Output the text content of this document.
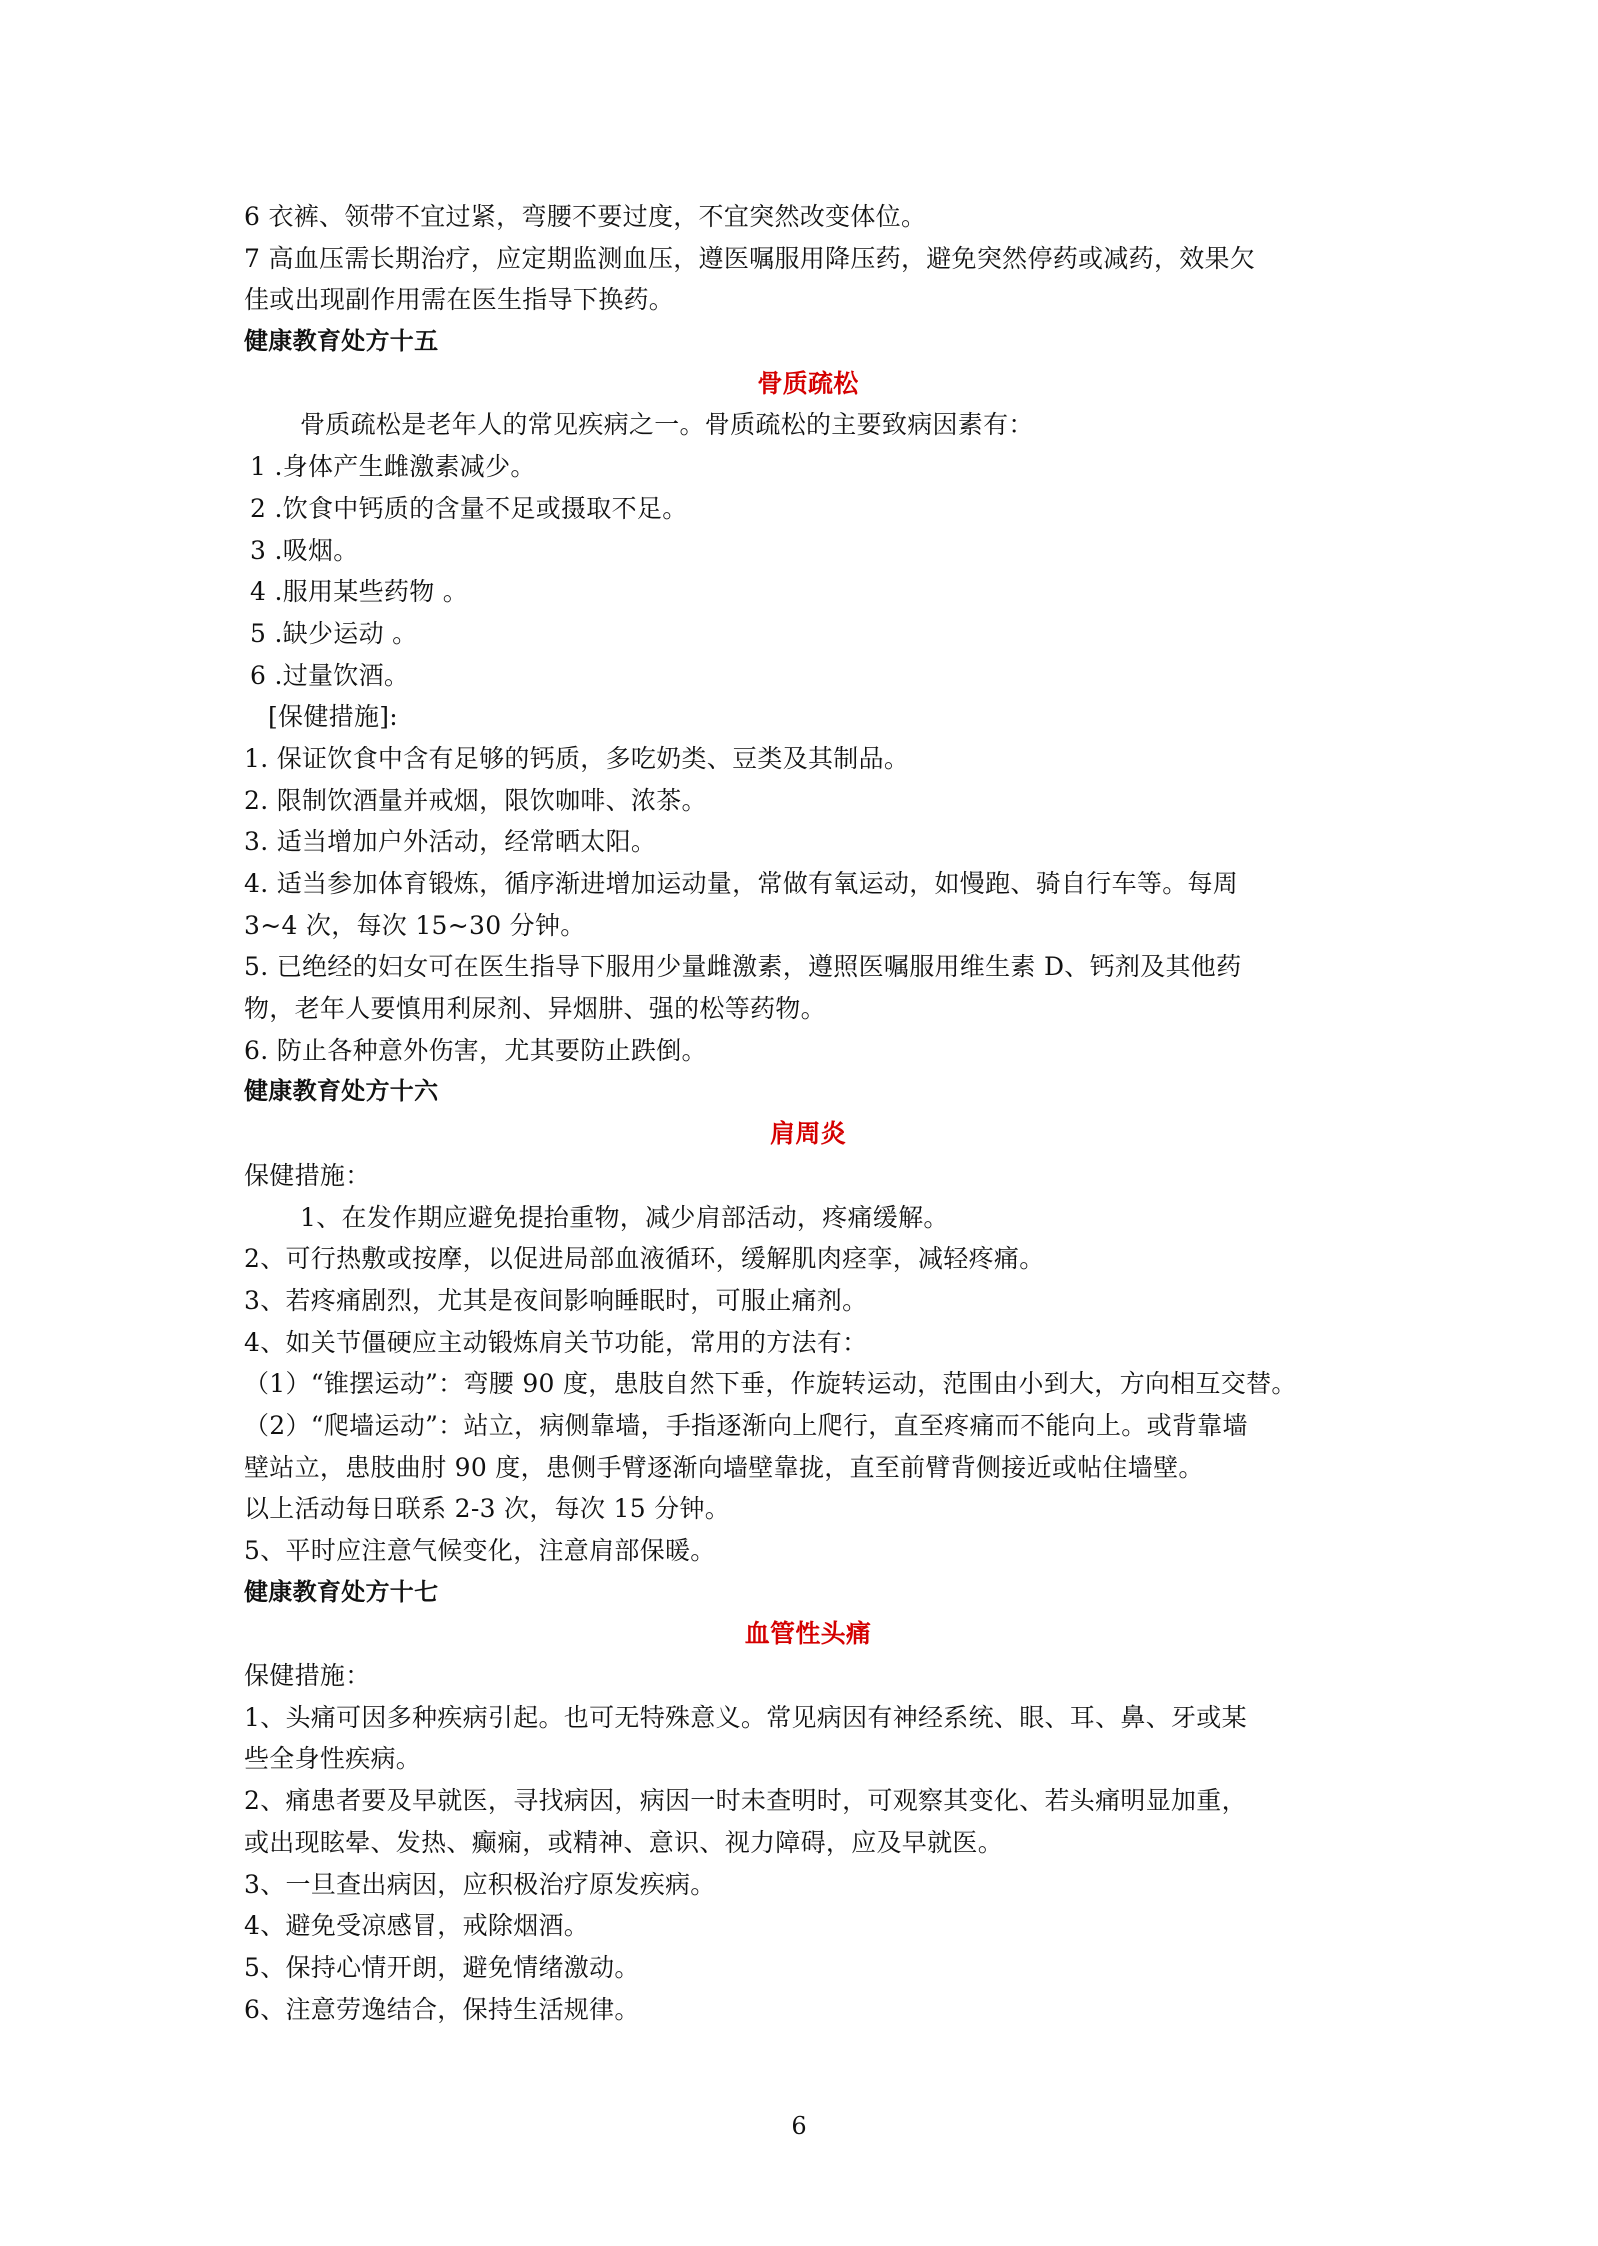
6 衣裤、领带不宜过紧，弯腰不要过度，不宜突然改变体位。
7 高血压需长期治疗，应定期监测血压，遵医嘱服用降压药，避免突然停药或减药，效果欠
佳或出现副作用需在医生指导下换药。
健康教育处方十五
骨质疏松
骨质疏松是老年人的常见疾病之一。骨质疏松的主要致病因素有：
1 .身体产生雌激素减少。
2 .饮食中钙质的含量不足或摄取不足。
3 .吸烟。
4 .服用某些药物 。
5 .缺少运动 。
6 .过量饮酒。
[保健措施]:
1. 保证饮食中含有足够的钙质，多吃奶类、豆类及其制品。
2. 限制饮酒量并戒烟，限饮咖啡、浓茶。
3. 适当增加户外活动，经常晒太阳。
4. 适当参加体育锻炼，循序渐进增加运动量，常做有氧运动，如慢跑、骑自行车等。每周
3~4 次，每次 15~30 分钟。
5. 已绝经的妇女可在医生指导下服用少量雌激素，遵照医嘱服用维生素 D、钙剂及其他药
物，老年人要慎用利尿剂、异烟肼、强的松等药物。
6. 防止各种意外伤害，尤其要防止跌倒。
健康教育处方十六
肩周炎
保健措施：
1、在发作期应避免提抬重物，减少肩部活动，疼痛缓解。
2、可行热敷或按摩，以促进局部血液循环，缓解肌肉痉挛，减轻疼痛。
3、若疼痛剧烈，尤其是夜间影响睡眠时，可服止痛剂。
4、如关节僵硬应主动锻炼肩关节功能，常用的方法有：
（1）“锥摆运动”：弯腰 90 度，患肢自然下垂，作旋转运动，范围由小到大，方向相互交替。
（2）“爬墙运动”：站立，病侧靠墙，手指逐渐向上爬行，直至疼痛而不能向上。或背靠墙
壁站立，患肢曲肘 90 度，患侧手臂逐渐向墙壁靠拢，直至前臂背侧接近或帖住墙壁。
以上活动每日联系 2-3 次，每次 15 分钟。
5、平时应注意气候变化，注意肩部保暖。
健康教育处方十七
血管性头痛
保健措施：
1、头痛可因多种疾病引起。也可无特殊意义。常见病因有神经系统、眼、耳、鼻、牙或某
些全身性疾病。
2、痛患者要及早就医，寻找病因，病因一时未查明时，可观察其变化、若头痛明显加重，
或出现眩晕、发热、癫痫，或精神、意识、视力障碍，应及早就医。
3、一旦查出病因，应积极治疗原发疾病。
4、避免受凉感冒，戒除烟酒。
5、保持心情开朗，避免情绪激动。
6、注意劳逸结合，保持生活规律。
6
